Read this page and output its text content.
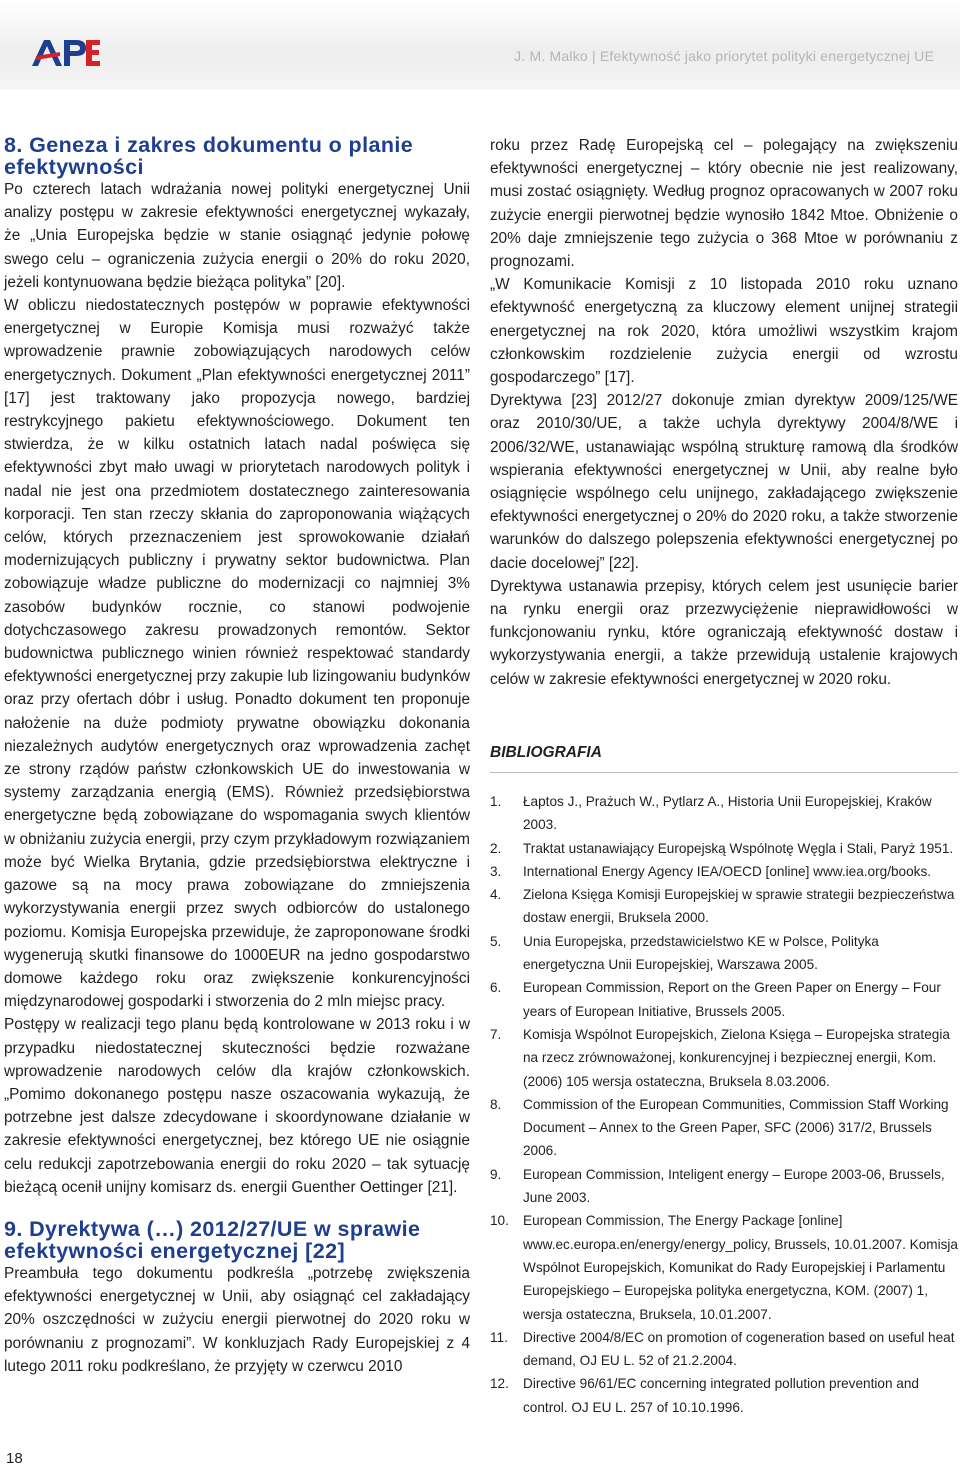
J. M. Malko | Efektywność jako priorytet polityki energetycznej UE
8. Geneza i zakres dokumentu o planie
efektywności

Po czterech latach wdrażania nowej polityki energetycznej Unii analizy postępu w zakresie efektywności energetycznej wykazały, że „Unia Europejska będzie w stanie osiągnąć jedynie połowę swego celu – ograniczenia zużycia energii o 20% do roku 2020, jeżeli kontynuowana będzie bieżąca polityka” [20].

W obliczu niedostatecznych postępów w poprawie efektywności energetycznej w Europie Komisja musi rozważyć także wprowadzenie prawnie zobowiązujących narodowych celów energetycznych. Dokument „Plan efektywności energetycznej 2011” [17] jest traktowany jako propozycja nowego, bardziej restrykcyjnego pakietu efektywnościowego. Dokument ten stwierdza, że w kilku ostatnich latach nadal poświęca się efektywności zbyt mało uwagi w priorytetach narodowych polityk i nadal nie jest ona przedmiotem dostatecznego zainteresowania korporacji. Ten stan rzeczy skłania do zaproponowania wiążących celów, których przeznaczeniem jest sprowokowanie działań modernizujących publiczny i prywatny sektor budownictwa. Plan zobowiązuje władze publiczne do modernizacji co najmniej 3% zasobów budynków rocznie, co stanowi podwojenie dotychczasowego zakresu prowadzonych remontów. Sektor budownictwa publicznego winien również respektować standardy efektywności energetycznej przy zakupie lub lizingowaniu budynków oraz przy ofertach dóbr i usług. Ponadto dokument ten proponuje nałożenie na duże podmioty prywatne obowiązku dokonania niezależnych audytów energetycznych oraz wprowadzenia zachęt ze strony rządów państw członkowskich UE do inwestowania w systemy zarządzania energią (EMS). Również przedsiębiorstwa energetyczne będą zobowiązane do wspomagania swych klientów w obniżaniu zużycia energii, przy czym przykładowym rozwiązaniem może być Wielka Brytania, gdzie przedsiębiorstwa elektryczne i gazowe są na mocy prawa zobowiązane do zmniejszenia wykorzystywania energii przez swych odbiorców do ustalonego poziomu. Komisja Europejska przewiduje, że zaproponowane środki wygenerują skutki finansowe do 1000EUR na jedno gospodarstwo domowe każdego roku oraz zwiększenie konkurencyjności międzynarodowej gospodarki i stworzenia do 2 mln miejsc pracy.

Postępy w realizacji tego planu będą kontrolowane w 2013 roku i w przypadku niedostatecznej skuteczności będzie rozważane wprowadzenie narodowych celów dla krajów członkowskich. „Pomimo dokonanego postępu nasze oszacowania wykazują, że potrzebne jest dalsze zdecydowane i skoordynowane działanie w zakresie efektywności energetycznej, bez którego UE nie osiągnie celu redukcji zapotrzebowania energii do roku 2020 – tak sytuację bieżącą ocenił unijny komisarz ds. energii Guenther Oettinger [21].

9. Dyrektywa (…) 2012/27/UE w sprawie
efektywności energetycznej [22]

Preambuła tego dokumentu podkreśla „potrzebę zwiększenia efektywności energetycznej w Unii, aby osiągnąć cel zakładający 20% oszczędności w zużyciu energii pierwotnej do 2020 roku w porównaniu z prognozami”. W konkluzjach Rady Europejskiej z 4 lutego 2011 roku podkreślano, że przyjęty w czerwcu 2010

roku przez Radę Europejską cel – polegający na zwiększeniu efektywności energetycznej – który obecnie nie jest realizowany, musi zostać osiągnięty. Według prognoz opracowanych w 2007 roku zużycie energii pierwotnej będzie wynosiło 1842 Mtoe. Obniżenie o 20% daje zmniejszenie tego zużycia o 368 Mtoe w porównaniu z prognozami.

„W Komunikacie Komisji z 10 listopada 2010 roku uznano efektywność energetyczną za kluczowy element unijnej strategii energetycznej na rok 2020, która umożliwi wszystkim krajom członkowskim rozdzielenie zużycia energii od wzrostu gospodarczego” [17].

Dyrektywa [23] 2012/27 dokonuje zmian dyrektyw 2009/125/WE oraz 2010/30/UE, a także uchyla dyrektywy 2004/8/WE i 2006/32/WE, ustanawiając wspólną strukturę ramową dla środków wspierania efektywności energetycznej w Unii, aby realne było osiągnięcie wspólnego celu unijnego, zakładającego zwiększenie efektywności energetycznej o 20% do 2020 roku, a także stworzenie warunków do dalszego polepszenia efektywności energetycznej po dacie docelowej” [22].

Dyrektywa ustanawia przepisy, których celem jest usunięcie barier na rynku energii oraz przezwyciężenie nieprawidłowości w funkcjonowaniu rynku, które ograniczają efektywność dostaw i wykorzystywania energii, a także przewidują ustalenie krajowych celów w zakresie efektywności energetycznej w 2020 roku.

BIBLIOGRAFIA
1. Łaptos J., Prażuch W., Pytlarz A., Historia Unii Europejskiej, Kraków 2003.
2. Traktat ustanawiający Europejską Wspólnotę Węgla i Stali, Paryż 1951.
3. International Energy Agency IEA/OECD [online] www.iea.org/books.
4. Zielona Księga Komisji Europejskiej w sprawie strategii bezpieczeństwa dostaw energii, Bruksela 2000.
5. Unia Europejska, przedstawicielstwo KE w Polsce, Polityka energetyczna Unii Europejskiej, Warszawa 2005.
6. European Commission, Report on the Green Paper on Energy – Four years of European Initiative, Brussels 2005.
7. Komisja Wspólnot Europejskich, Zielona Księga – Europejska strategia na rzecz zrównoważonej, konkurencyjnej i bezpiecznej energii, Kom. (2006) 105 wersja ostateczna, Bruksela 8.03.2006.
8. Commission of the European Communities, Commission Staff Working Document – Annex to the Green Paper, SFC (2006) 317/2, Brussels 2006.
9. European Commission, Inteligent energy – Europe 2003-06, Brussels, June 2003.
10. European Commission, The Energy Package [online] www.ec.europa.en/energy/energy_policy, Brussels, 10.01.2007. Komisja Wspólnot Europejskich, Komunikat do Rady Europejskiej i Parlamentu Europejskiego – Europejska polityka energetyczna, KOM. (2007) 1, wersja ostateczna, Bruksela, 10.01.2007.
11. Directive 2004/8/EC on promotion of cogeneration based on useful heat demand, OJ EU L. 52 of 21.2.2004.
12. Directive 96/61/EC concerning integrated pollution prevention and control. OJ EU L. 257 of 10.10.1996.
18
